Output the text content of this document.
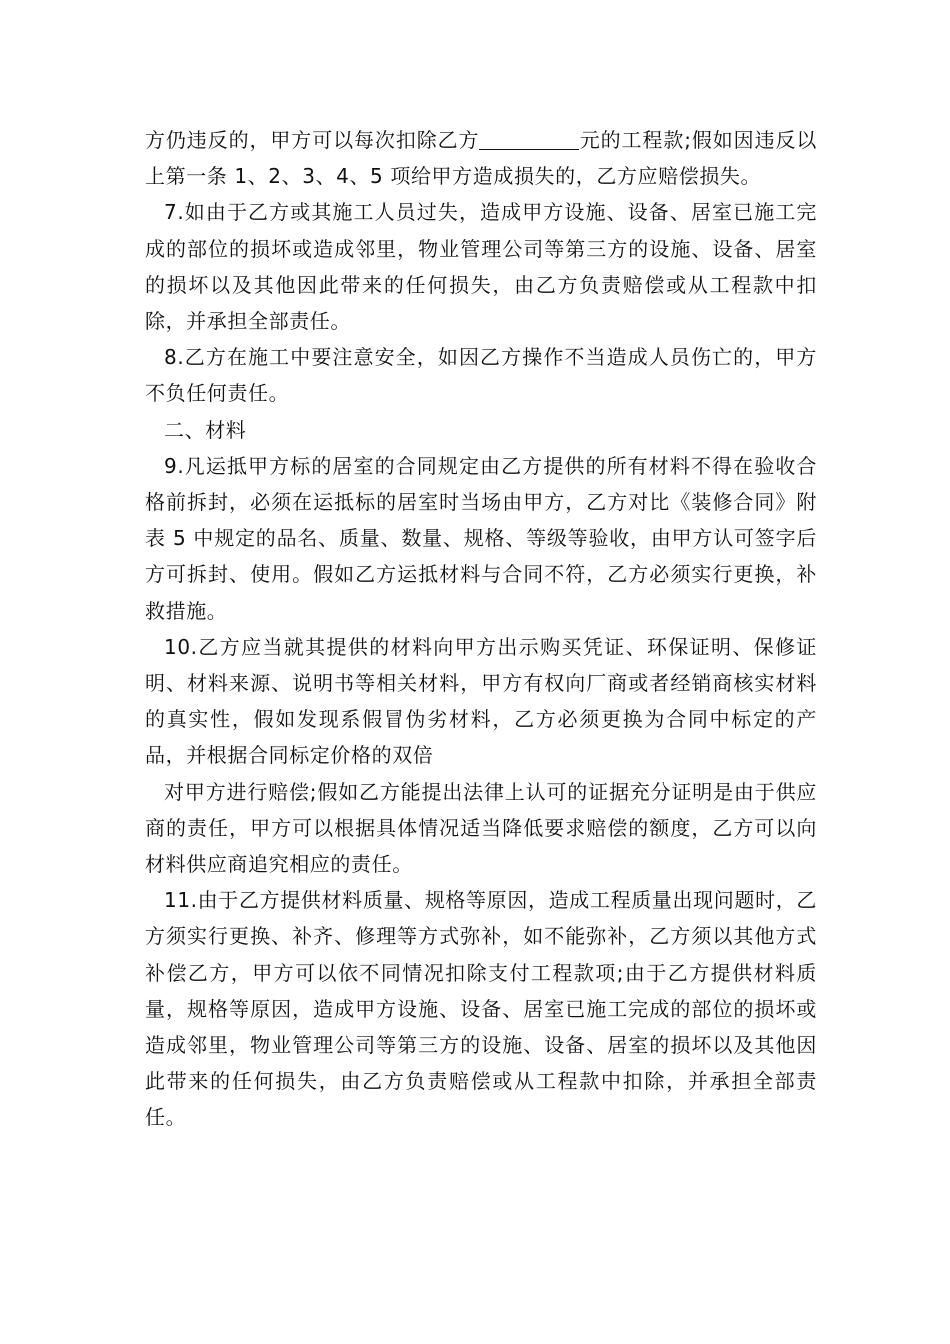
方仍违反的，甲方可以每次扣除乙方	元的工程款;假如因违反以上第一条 1、2、3、4、5 项给甲方造成损失的，乙方应赔偿损失。

7.如由于乙方或其施工人员过失，造成甲方设施、设备、居室已施工完成的部位的损坏或造成邻里，物业管理公司等第三方的设施、设备、居室的损坏以及其他因此带来的任何损失，由乙方负责赔偿或从工程款中扣除，并承担全部责任。

8.乙方在施工中要注意安全，如因乙方操作不当造成人员伤亡的，甲方不负任何责任。

二、材料

9.凡运抵甲方标的居室的合同规定由乙方提供的所有材料不得在验收合格前拆封，必须在运抵标的居室时当场由甲方，乙方对比《装修合同》附表 5 中规定的品名、质量、数量、规格、等级等验收，由甲方认可签字后方可拆封、使用。假如乙方运抵材料与合同不符，乙方必须实行更换，补救措施。

10.乙方应当就其提供的材料向甲方出示购买凭证、环保证明、保修证明、材料来源、说明书等相关材料，甲方有权向厂商或者经销商核实材料的真实性，假如发现系假冒伪劣材料，乙方必须更换为合同中标定的产品，并根据合同标定价格的双倍

对甲方进行赔偿;假如乙方能提出法律上认可的证据充分证明是由于供应商的责任，甲方可以根据具体情况适当降低要求赔偿的额度，乙方可以向材料供应商追究相应的责任。

11.由于乙方提供材料质量、规格等原因，造成工程质量出现问题时，乙方须实行更换、补齐、修理等方式弥补，如不能弥补，乙方须以其他方式补偿乙方，甲方可以依不同情况扣除支付工程款项;由于乙方提供材料质量，规格等原因，造成甲方设施、设备、居室已施工完成的部位的损坏或造成邻里，物业管理公司等第三方的设施、设备、居室的损坏以及其他因此带来的任何损失，由乙方负责赔偿或从工程款中扣除，并承担全部责任。
